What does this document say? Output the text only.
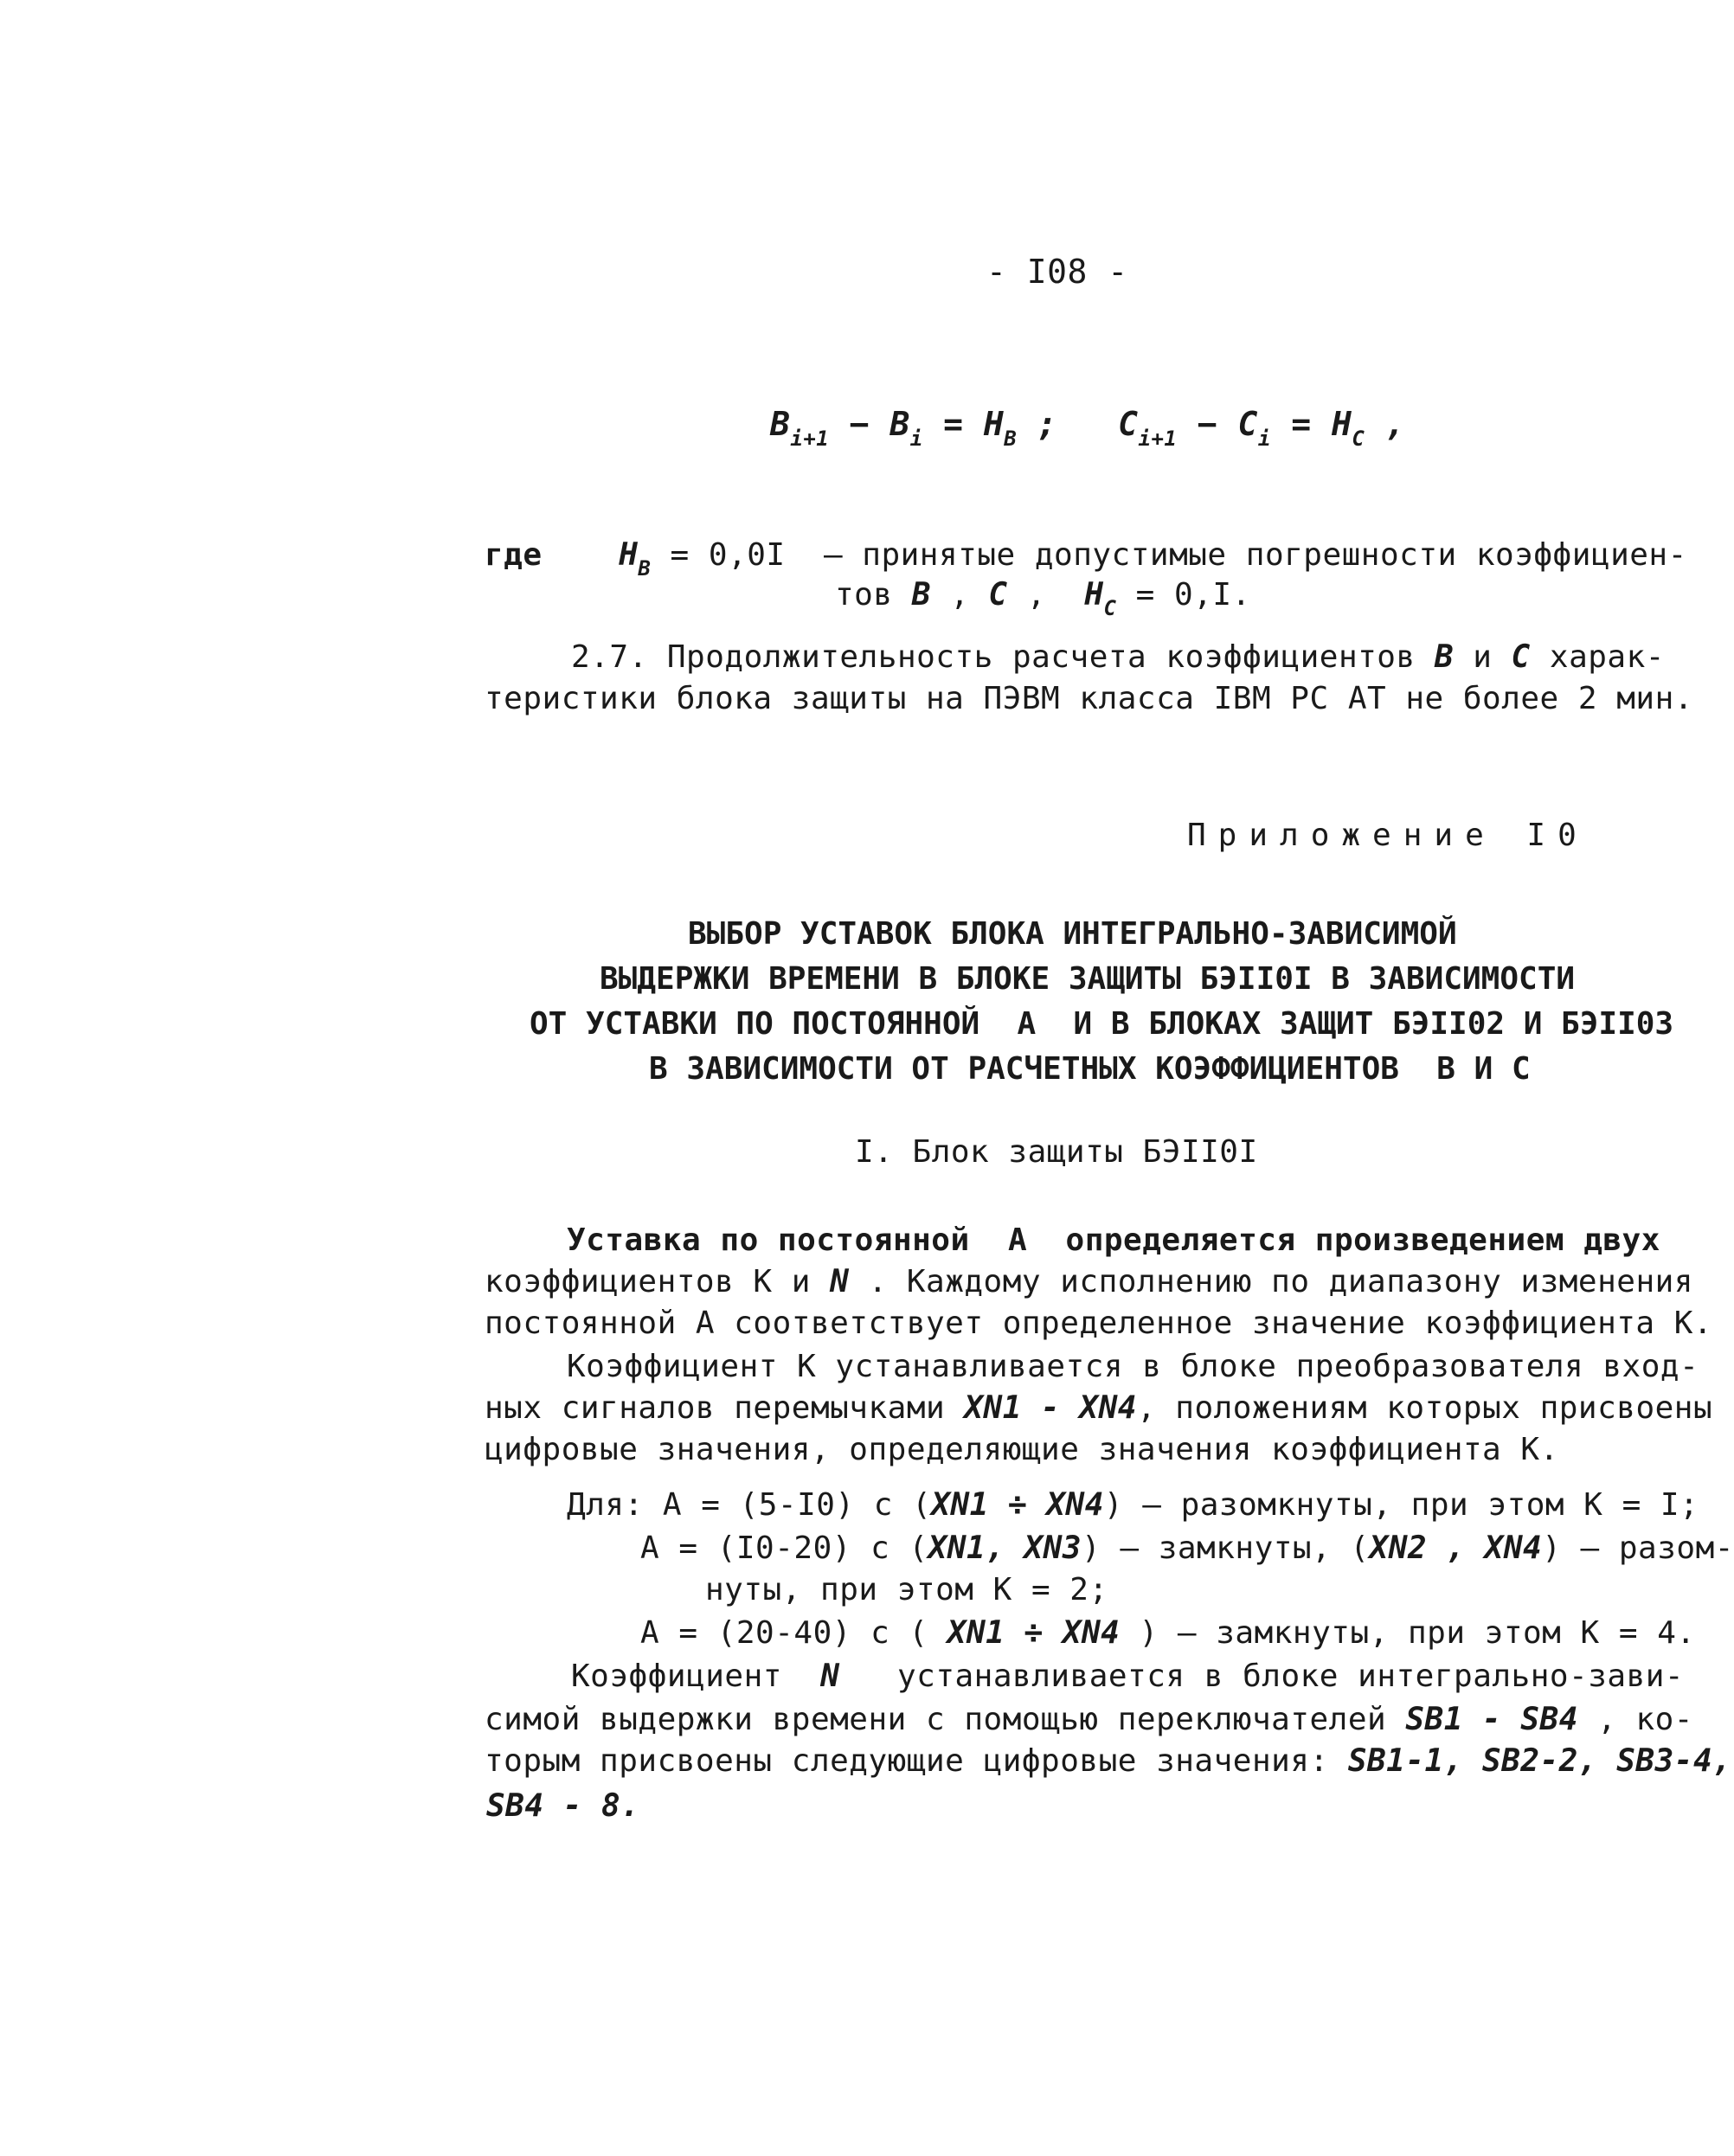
- I08 -
$B_{i+1} - B_i = H_B$ ;   $C_{i+1} - C_i = H_C$ ,
где $H_B = 0,0I$  – принятые допустимые погрешности коэффициен-
тов B , C ,  $H_C = 0,I$.
2.7. Продолжительность расчета коэффициентов B и C харак-
теристики блока защиты на ПЭВМ класса IBM PC AT не более 2 мин.
Приложение I0
ВЫБОР УСТАВОК БЛОКА ИНТЕГРАЛЬНО-ЗАВИСИМОЙ
ВЫДЕРЖКИ ВРЕМЕНИ В БЛОКЕ ЗАЩИТЫ БЭII0I В ЗАВИСИМОСТИ
ОТ УСТАВКИ ПО ПОСТОЯННОЙ  А  И В БЛОКАХ ЗАЩИТ БЭII02 И БЭII03
В ЗАВИСИМОСТИ ОТ РАСЧЕТНЫХ КОЭФФИЦИЕНТОВ  В И С
I. Блок защиты БЭII0I
Уставка по постоянной  А  определяется произведением двух
коэффициентов К и N . Каждому исполнению по диапазону изменения
постоянной А соответствует определенное значение коэффициента К.
Коэффициент К устанавливается в блоке преобразователя вход-
ных сигналов перемычками XN1 - XN4, положениям которых присвоены
цифровые значения, определяющие значения коэффициента К.
Для: А = (5-I0) с (XN1 ÷ XN4) – разомкнуты, при этом К = I;
А = (I0-20) с (XN1, XN3) – замкнуты, (XN2 , XN4) – разом-
нуты, при этом К = 2;
А = (20-40) с ( XN1 ÷ XN4 ) – замкнуты, при этом К = 4.
Коэффициент  N   устанавливается в блоке интегрально-зави-
симой выдержки времени с помощью переключателей SB1 - SB4 , ко-
торым присвоены следующие цифровые значения: SB1-1, SB2-2, SB3-4,
SB4 - 8.
